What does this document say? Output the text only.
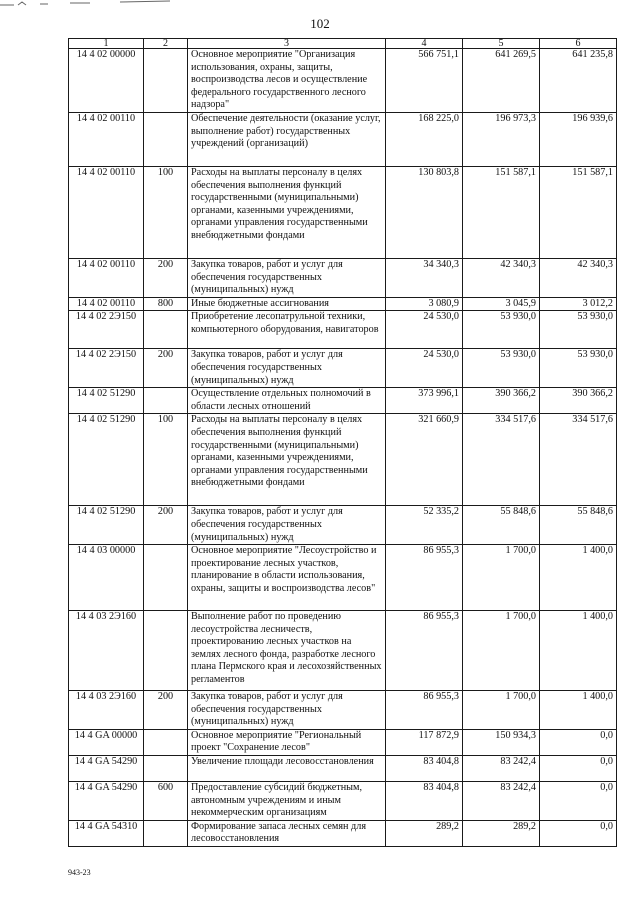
102
1	2	3	4	5	6
14 4 02 00000		Основное мероприятие "Организация использования, охраны, защиты, воспроизводства лесов и осуществление федерального государственного лесного надзора"	566 751,1	641 269,5	641 235,8
14 4 02 00110		Обеспечение деятельности (оказание услуг, выполнение работ) государственных учреждений (организаций)	168 225,0	196 973,3	196 939,6
14 4 02 00110	100	Расходы на выплаты персоналу в целях обеспечения выполнения функций государственными (муниципальными) органами, казенными учреждениями, органами управления государственными внебюджетными фондами	130 803,8	151 587,1	151 587,1
14 4 02 00110	200	Закупка товаров, работ и услуг для обеспечения государственных (муниципальных) нужд	34 340,3	42 340,3	42 340,3
14 4 02 00110	800	Иные бюджетные ассигнования	3 080,9	3 045,9	3 012,2
14 4 02 2Э150		Приобретение лесопатрульной техники, компьютерного оборудования, навигаторов	24 530,0	53 930,0	53 930,0
14 4 02 2Э150	200	Закупка товаров, работ и услуг для обеспечения государственных (муниципальных) нужд	24 530,0	53 930,0	53 930,0
14 4 02 51290		Осуществление отдельных полномочий в области лесных отношений	373 996,1	390 366,2	390 366,2
14 4 02 51290	100	Расходы на выплаты персоналу в целях обеспечения выполнения функций государственными (муниципальными) органами, казенными учреждениями, органами управления государственными внебюджетными фондами	321 660,9	334 517,6	334 517,6
14 4 02 51290	200	Закупка товаров, работ и услуг для обеспечения государственных (муниципальных) нужд	52 335,2	55 848,6	55 848,6
14 4 03 00000		Основное мероприятие "Лесоустройство и проектирование лесных участков, планирование в области использования, охраны, защиты и воспроизводства лесов"	86 955,3	1 700,0	1 400,0
14 4 03 2Э160		Выполнение работ по проведению лесоустройства лесничеств, проектированию лесных участков на землях лесного фонда, разработке лесного плана Пермского края и лесохозяйственных регламентов	86 955,3	1 700,0	1 400,0
14 4 03 2Э160	200	Закупка товаров, работ и услуг для обеспечения государственных (муниципальных) нужд	86 955,3	1 700,0	1 400,0
14 4 GA 00000		Основное мероприятие "Региональный проект "Сохранение лесов"	117 872,9	150 934,3	0,0
14 4 GA 54290		Увеличение площади лесовосстановления	83 404,8	83 242,4	0,0
14 4 GA 54290	600	Предоставление субсидий бюджетным, автономным учреждениям и иным некоммерческим организациям	83 404,8	83 242,4	0,0
14 4 GA 54310		Формирование запаса лесных семян для лесовосстановления	289,2	289,2	0,0
943-23
